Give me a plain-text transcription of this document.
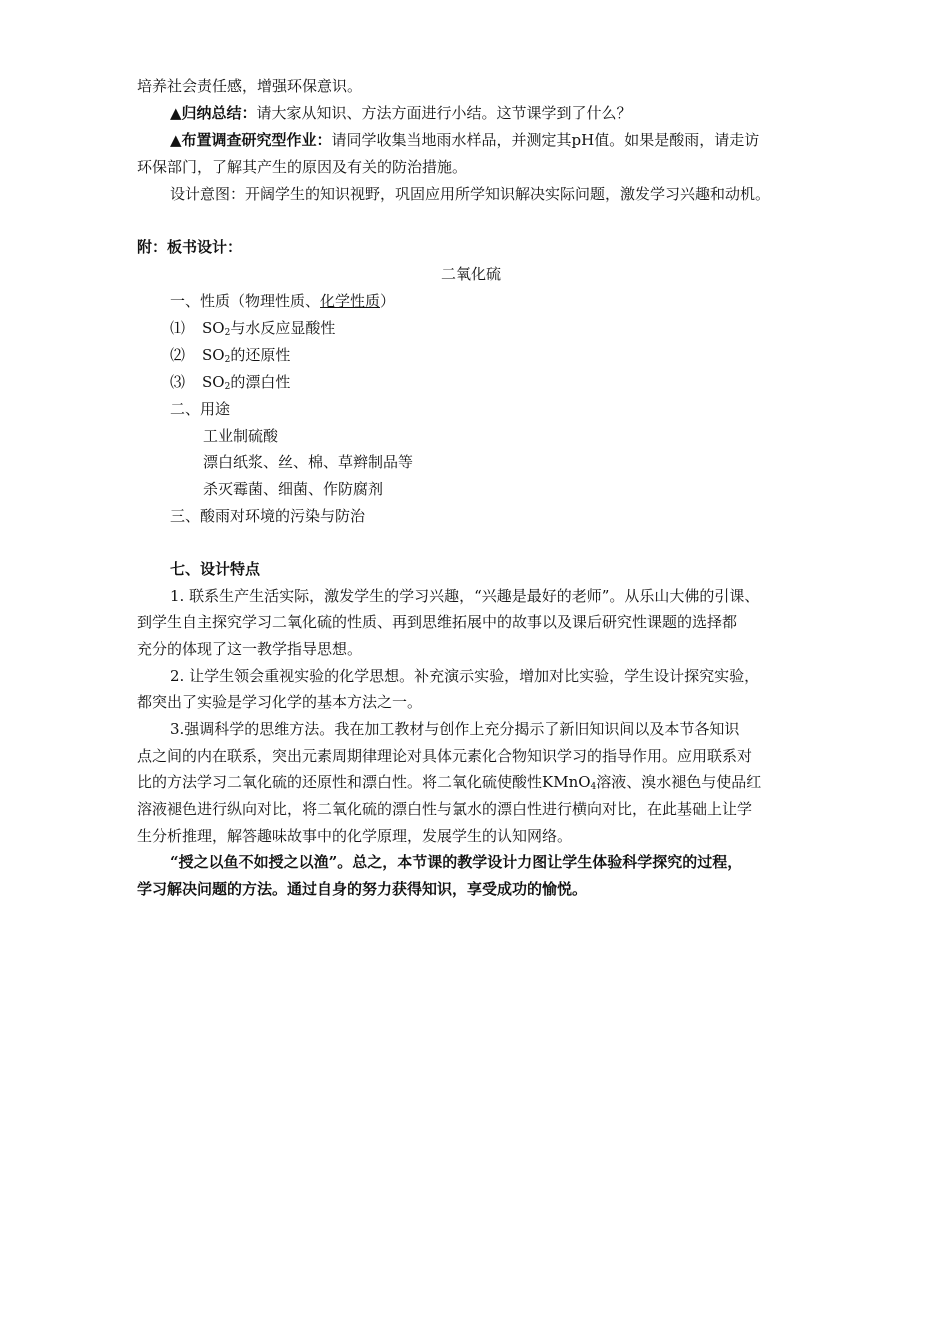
培养社会责任感，增强环保意识。
▲归纳总结：请大家从知识、方法方面进行小结。这节课学到了什么？
▲布置调查研究型作业：请同学收集当地雨水样品，并测定其pH值。如果是酸雨，请走访
环保部门，了解其产生的原因及有关的防治措施。
设计意图：开阔学生的知识视野，巩固应用所学知识解决实际问题，激发学习兴趣和动机。
附：板书设计：
二氧化硫
一、性质（物理性质、化学性质）
⑴ $SO_2$与水反应显酸性
⑵ $SO_2$的还原性
⑶ $SO_2$的漂白性
二、用途
工业制硫酸
漂白纸浆、丝、棉、草辫制品等
杀灭霉菌、细菌、作防腐剂
三、酸雨对环境的污染与防治
七、设计特点
1. 联系生产生活实际，激发学生的学习兴趣，“兴趣是最好的老师”。从乐山大佛的引课、
到学生自主探究学习二氧化硫的性质、再到思维拓展中的故事以及课后研究性课题的选择都
充分的体现了这一教学指导思想。
2. 让学生领会重视实验的化学思想。补充演示实验，增加对比实验，学生设计探究实验，
都突出了实验是学习化学的基本方法之一。
3.强调科学的思维方法。我在加工教材与创作上充分揭示了新旧知识间以及本节各知识
点之间的内在联系，突出元素周期律理论对具体元素化合物知识学习的指导作用。应用联系对
比的方法学习二氧化硫的还原性和漂白性。将二氧化硫使酸性KMnO$_4$溶液、溴水褪色与使品红
溶液褪色进行纵向对比，将二氧化硫的漂白性与氯水的漂白性进行横向对比，在此基础上让学
生分析推理，解答趣味故事中的化学原理，发展学生的认知网络。
“授之以鱼不如授之以渔”。总之，本节课的教学设计力图让学生体验科学探究的过程，
学习解决问题的方法。通过自身的努力获得知识，享受成功的愉悦。
